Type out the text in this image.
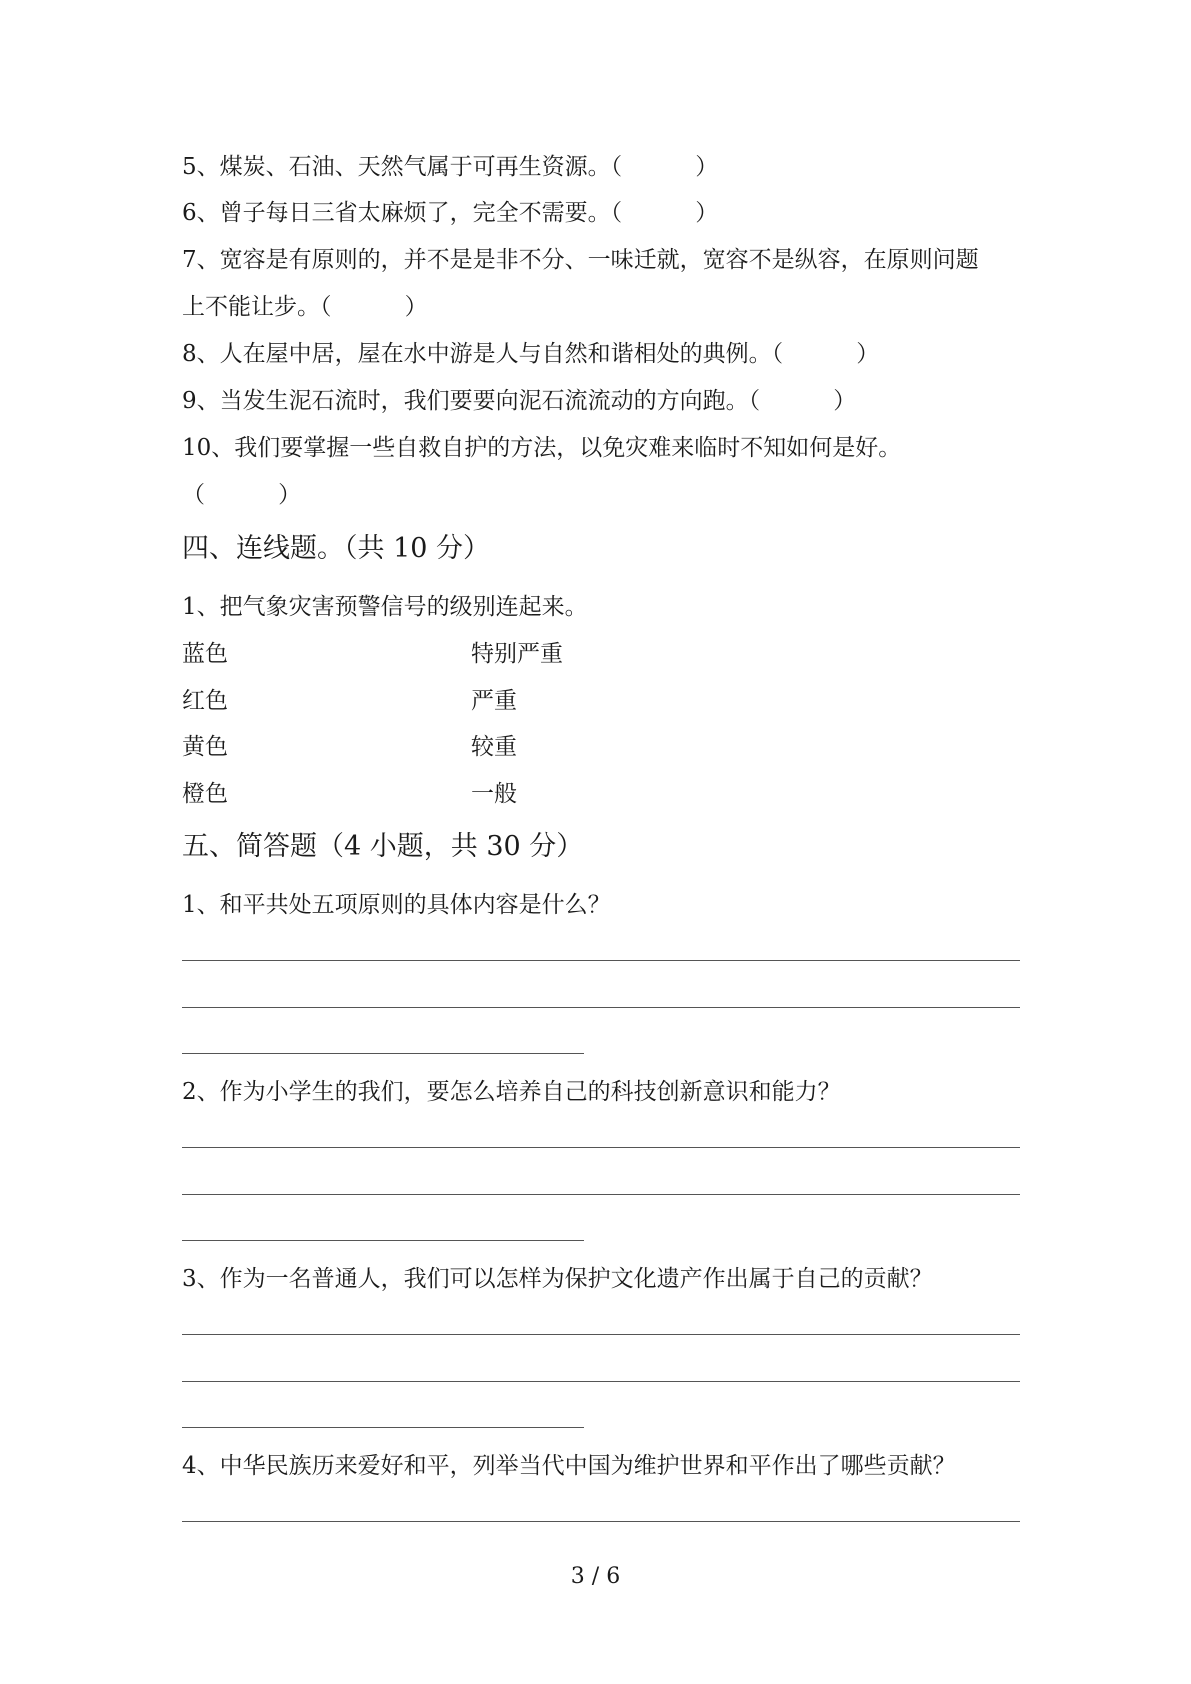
5、煤炭、石油、天然气属于可再生资源。（          ）
6、曾子每日三省太麻烦了，完全不需要。（          ）
7、宽容是有原则的，并不是是非不分、一味迁就，宽容不是纵容，在原则问题
上不能让步。（          ）
8、人在屋中居，屋在水中游是人与自然和谐相处的典例。（          ）
9、当发生泥石流时，我们要要向泥石流流动的方向跑。（          ）
10、我们要掌握一些自救自护的方法，以免灾难来临时不知如何是好。
（          ）
四、连线题。（共 10 分）
1、把气象灾害预警信号的级别连起来。
蓝色	特别严重
红色	严重
黄色	较重
橙色	一般
五、简答题（4 小题，共 30 分）
1、和平共处五项原则的具体内容是什么？
2、作为小学生的我们，要怎么培养自己的科技创新意识和能力？
3、作为一名普通人，我们可以怎样为保护文化遗产作出属于自己的贡献？
4、中华民族历来爱好和平，列举当代中国为维护世界和平作出了哪些贡献？
3 / 6
